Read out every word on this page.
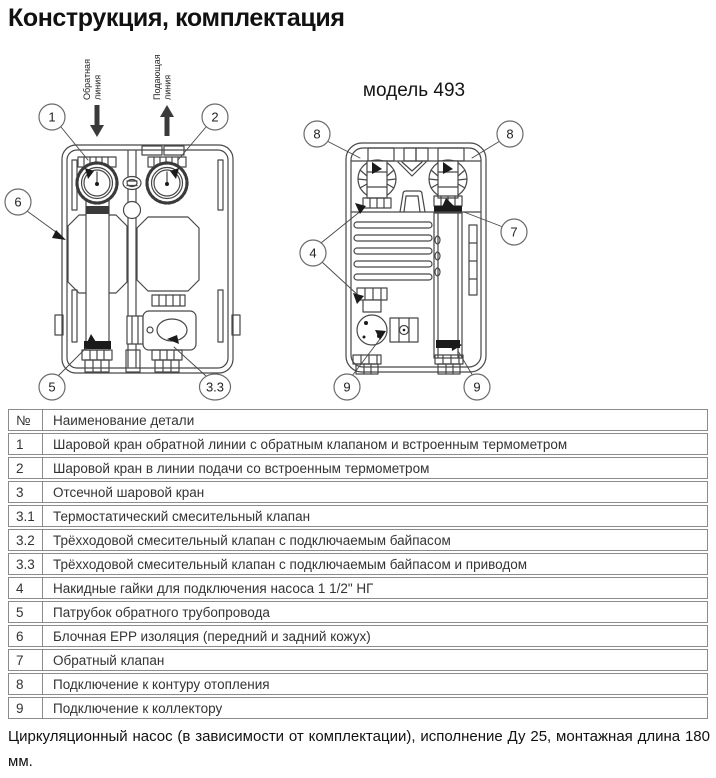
Конструкция, комплектация
Обратнаялиния	Подающаялиния
1	2
6
5	3.3
модель 493
8	8
7
4
9	9
№	Наименование детали
1	Шаровой кран обратной линии с обратным клапаном и встроенным термометром
2	Шаровой кран в линии подачи со встроенным термометром
3	Отсечной шаровой кран
3.1	Термостатический смесительный клапан
3.2	Трёхходовой смесительный клапан с подключаемым байпасом
3.3	Трёхходовой смесительный клапан с подключаемым байпасом и приводом
4	Накидные гайки для подключения насоса 1 1/2" НГ
5	Патрубок обратного трубопровода
6	Блочная EPP изоляция (передний и задний кожух)
7	Обратный клапан
8	Подключение к контуру отопления
9	Подключение к коллектору

Циркуляционный насос (в зависимости от комплектации), исполнение Ду 25, монтажная длина 180 мм.
